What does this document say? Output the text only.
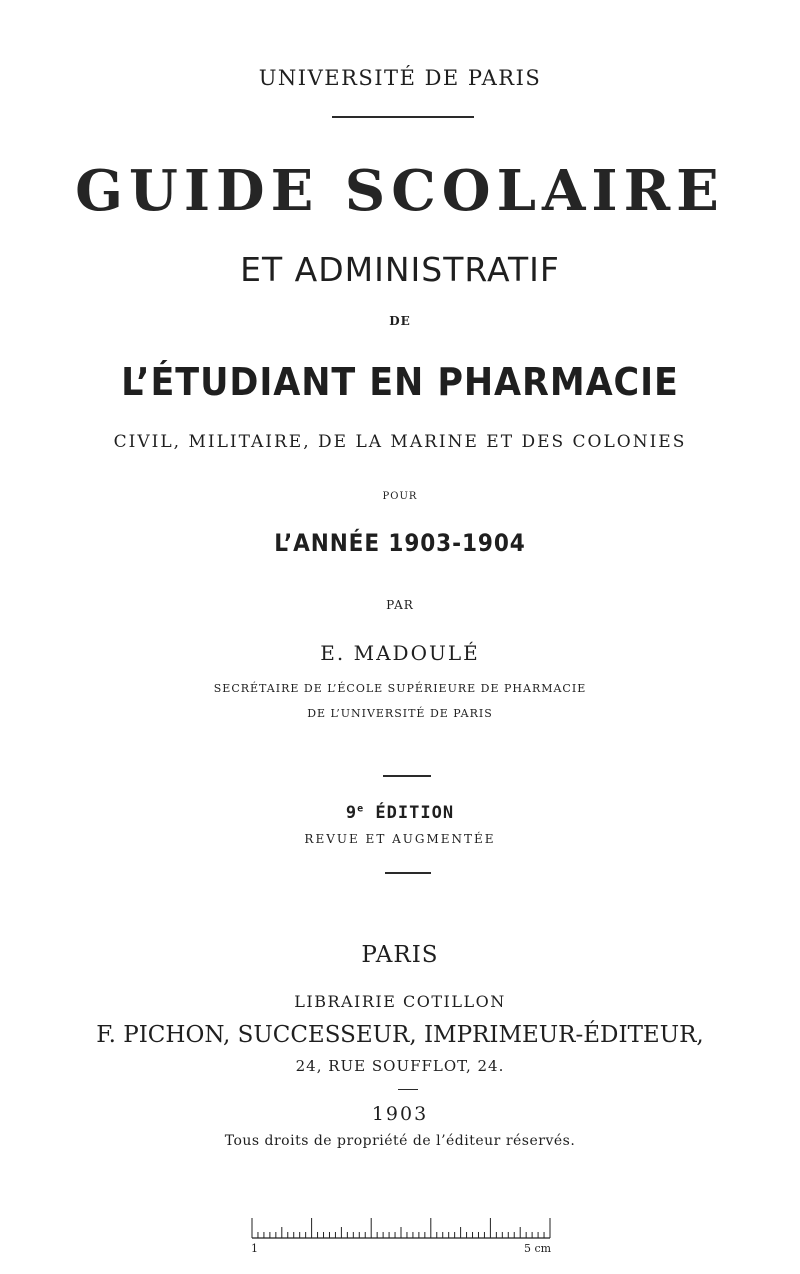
UNIVERSITÉ DE PARIS
GUIDE SCOLAIRE
ET ADMINISTRATIF
DE
L’ÉTUDIANT EN PHARMACIE
CIVIL, MILITAIRE, DE LA MARINE ET DES COLONIES
POUR
L’ANNÉE 1903-1904
PAR
E. MADOULÉ
SECRÉTAIRE DE L’ÉCOLE SUPÉRIEURE DE PHARMACIE
DE L’UNIVERSITÉ DE PARIS
9e ÉDITION
REVUE ET AUGMENTÉE
PARIS
LIBRAIRIE COTILLON
F. PICHON, SUCCESSEUR, IMPRIMEUR-ÉDITEUR,
24, RUE SOUFFLOT, 24.
1903
Tous droits de propriété de l’éditeur réservés.
1	5 cm
